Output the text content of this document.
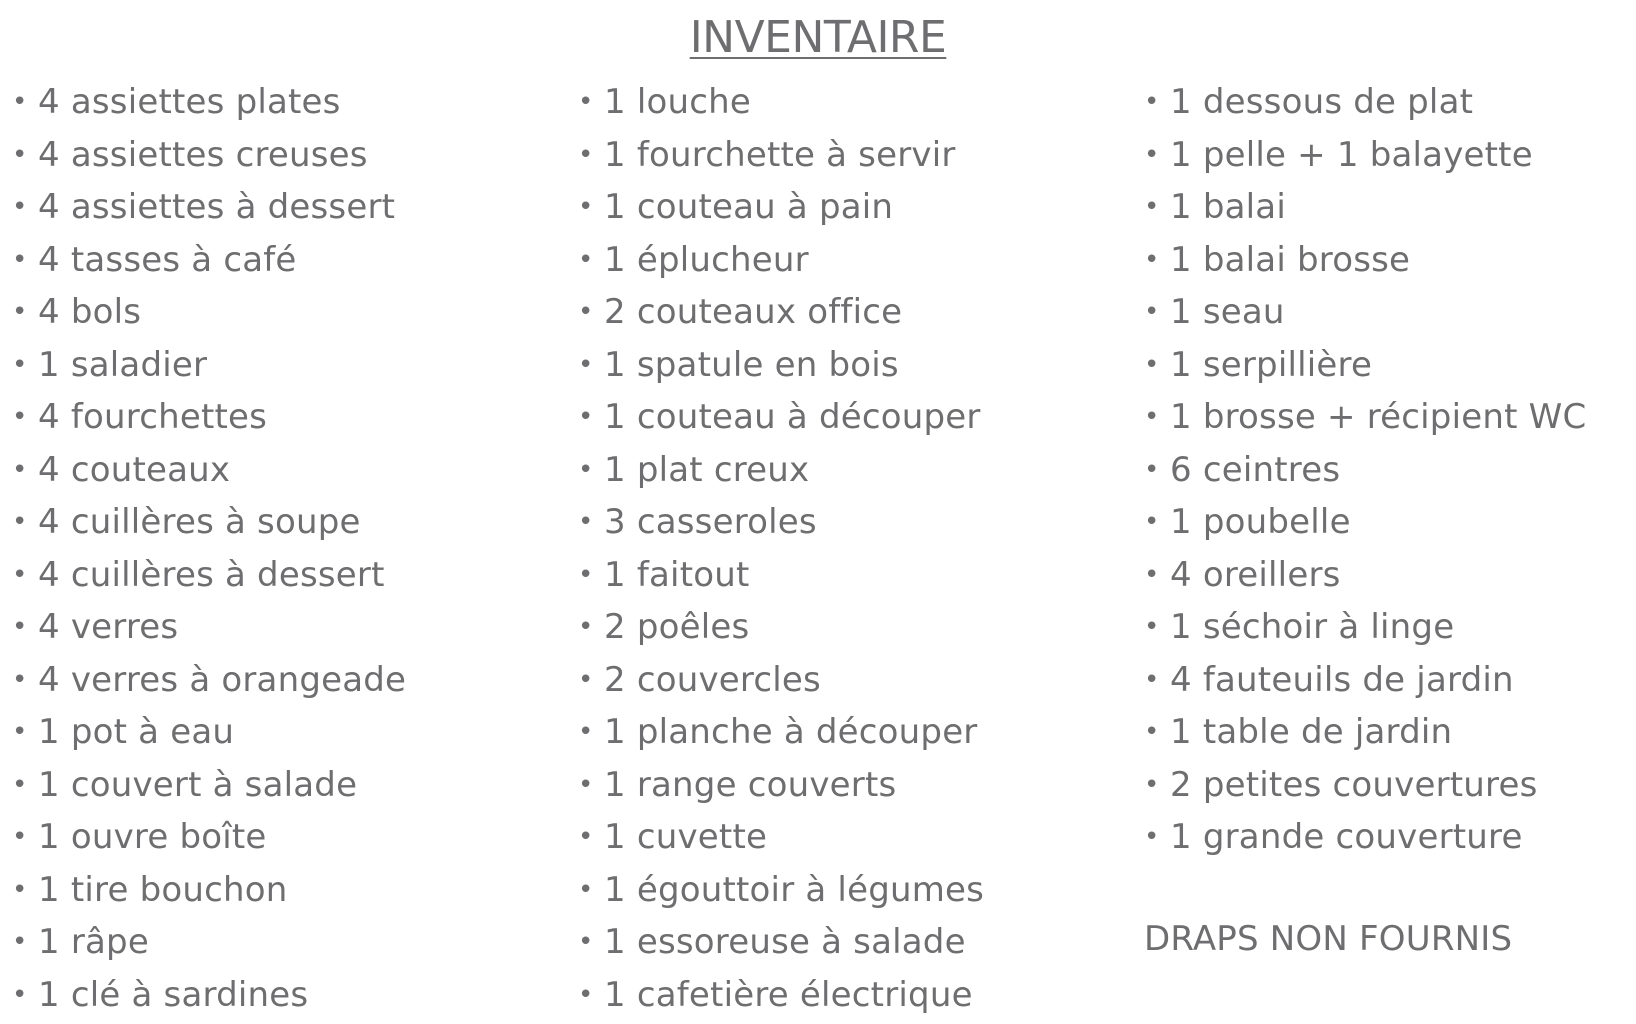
INVENTAIRE
• 4 assiettes plates
• 4 assiettes creuses
• 4 assiettes à dessert
• 4 tasses à café
• 4 bols
• 1 saladier
• 4 fourchettes
• 4 couteaux
• 4 cuillères à soupe
• 4 cuillères à dessert
• 4 verres
• 4 verres à orangeade
• 1 pot à eau
• 1 couvert à salade
• 1 ouvre boîte
• 1 tire bouchon
• 1 râpe
• 1 clé à sardines
• 1 louche
• 1 fourchette à servir
• 1 couteau à pain
• 1 éplucheur
• 2 couteaux office
• 1 spatule en bois
• 1 couteau à découper
• 1 plat creux
• 3 casseroles
• 1 faitout
• 2 poêles
• 2 couvercles
• 1 planche à découper
• 1 range couverts
• 1 cuvette
• 1 égouttoir à légumes
• 1 essoreuse à salade
• 1 cafetière électrique
• 1 dessous de plat
• 1 pelle + 1 balayette
• 1 balai
• 1 balai brosse
• 1 seau
• 1 serpillière
• 1 brosse + récipient WC
• 6 ceintres
• 1 poubelle
• 4 oreillers
• 1 séchoir à linge
• 4 fauteuils de jardin
• 1 table de jardin
• 2 petites couvertures
• 1 grande couverture
DRAPS NON FOURNIS
